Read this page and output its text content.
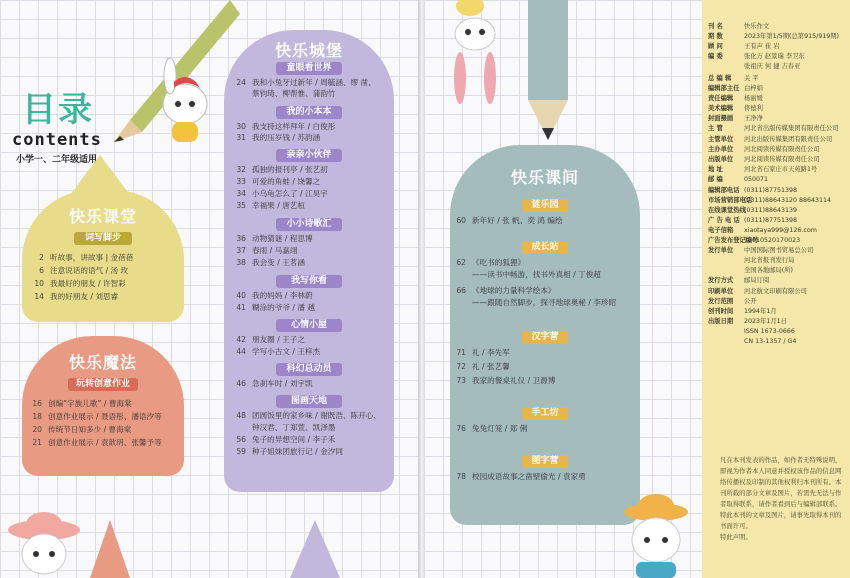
目录
contents
小学一、二年级适用
快乐课堂
词写脚步
2 听故事，讲故事 | 金蓓蓓
6 注意说话的语气 / 汤 玫
10 我最好的朋友 / 许智彩
14 我的好朋友 / 刘思睿
快乐魔法
玩转创意作业
16 创编“字族儿歌” / 曹海棠
18 创意作业展示 / 聂语彤、潘语汐等
20 传统节日知多少 / 曹海棠
21 创意作业展示 / 袁歆玥、张馨予等
快乐城堡
童眼看世界
24 我和小兔牙过新年 / 周毓涵、缪 凿、
蔡钧琦、柳帮惟、蒲韵竹
我的小本本
30 我支持这样拜年 / 白俊彤
31 我的压岁钱 / 苏韵涵
亲亲小伙伴
32 孤独的报刊亭 / 张艺初
33 可爱的角蛙 / 饶馨之
34 小乌龟怎么了 / 江昊宇
35 幸福果 / 唐艺桓
小小诗歌汇
36 动物猜谜 / 程思博
37 春雨 / 马嘉翊
38 我会变 / 王茗涵
我写你看
40 我的妈妈 / 李林蔚
41 糊涂的爷爷 / 潘 越
心情小屋
42 朋友圈 / 王子之
44 学写小古文 / 王梓杰
科幻总动员
46 急刹车时 / 刘宇凯
图画天地
48 团圆饭里的家乡味 / 谢既浩、陈开心、
钟汉君、丁郑萱、凯泽墨
56 兔子的异想空间 / 李子禾
59 种子姐妹团旅行记 / 金汐同
快乐课间
谜乐园
60 新年好 / 张 帆、奕 鸿 编绘
成长站
62 《吃书的狐狸》
——读书中畅游，找书外真相 / 丁俊超
66 《地球的力量科学绘本》
——跟随自然脚步，探寻地球奥秘 / 李珍昭
汉字营
71 礼 / 李先军
72 礼 / 张艺馨
73 我家的餐桌礼仪 / 卫源博
手工坊
76 兔兔灯笼 / 郑 俐
图字营
78 校园成语故事之凿壁偷光 / 袁家勇
刊 名	快乐作文
期 数	2023年第1/5期(总第915/919期)
顾 问	王有声 崔 岩
编 委	张化万 赵景瑞 李卫东
张祖庆 何 捷 吉春亚
总 编 辑 关 平
编辑部主任 白梓娟
责任编辑 杨丽媛
美术编辑 佟德利
封面摄画 王净净
主 管	河北省出版传媒集团有限责任公司
主管单位 河北出版传媒集团有限责任公司
主办单位 河北阅读传媒有限责任公司
出版单位 河北阅读传媒有限责任公司
地 址	河北省石家庄市天苑路1号
邮 编	050071
编辑部电话 (0311)87751398
市场营销部电话(0311)88643120 88643114
在线课堂热线(0311)88643139
广 告 电 话 (0311)87751398
电子信箱 xiaotaya999@126.com
广告发布登记编号13010520170023
发行单位 中国国际图书贸易总公司
河北省报刊发行局
全国各地邮局(所)
发行方式 邮局订阅
印刷单位 河北航文印刷有限公司
发行范围 公开
创刊时间 1994年1月
出版日期 2023年1月1日
ISSN 1673-0666
CN 13-1357 / G4
凡在本刊发表的作品，如作者无特殊说明，即视为作者本人同意并授权该作品的信息网络传播权及印制的其他权利归本刊所有。本刊所载的部分文章及图片，若需先无法与作者取得联系，请作者看到后与编辑部联系。特此本刊的文章及图片，请事先取得本刊的书面许可。
特此声明。
